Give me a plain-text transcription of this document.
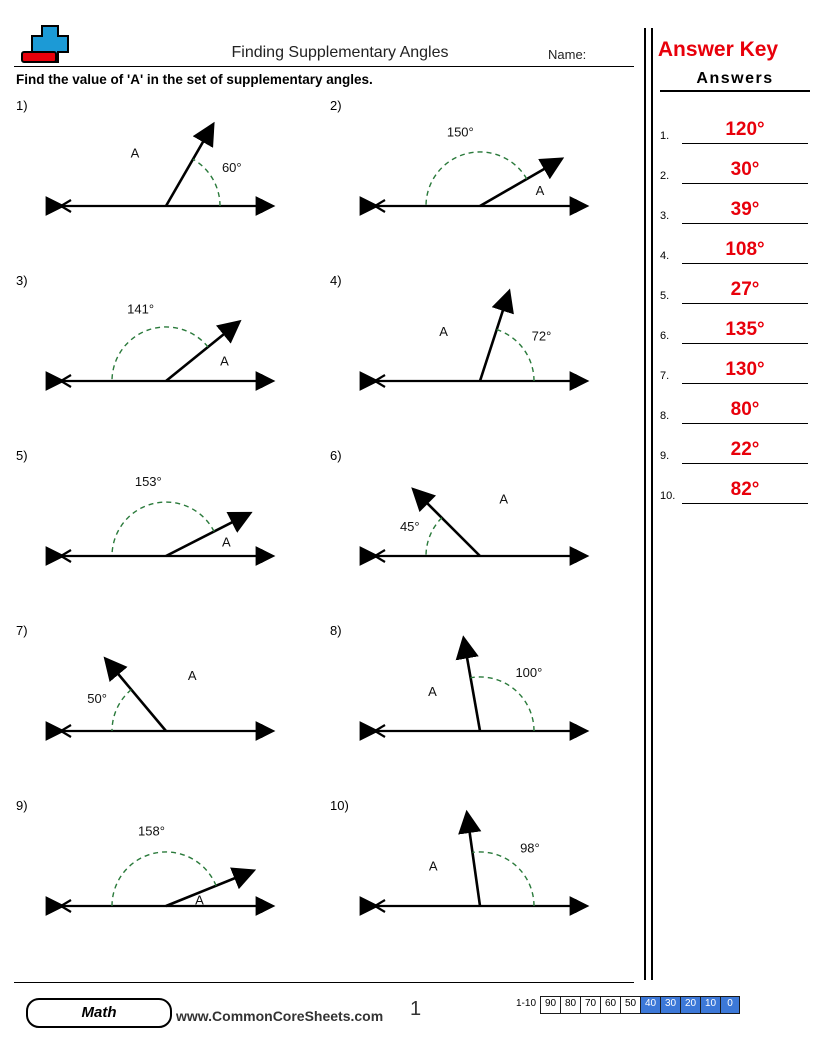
Finding Supplementary Angles	Name:	Answer Key
Find the value of 'A' in the set of supplementary angles.	Answers
1.	120°
2.	30°
3.	39°
4.	108°
5.	27°
6.	135°
7.	130°
8.	80°
9.	22°
10.	82°
1)
60°
A
2)
150°
A
3)
141°
A
4)
72°
A
5)
153°
A
6)
45°
A
7)
50°
A
8)
100°
A
9)
158°
A
10)
98°
A
Math	www.CommonCoreSheets.com 1	1-10 90 80 70 60 50 40 30 20 10	0
